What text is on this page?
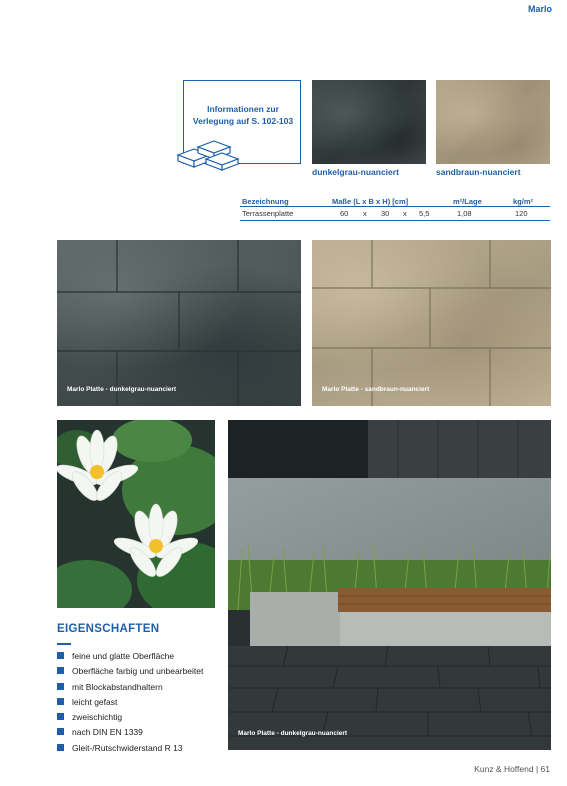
Marlo
Informationen zur
Verlegung auf S. 102-103
dunkelgrau-nuanciert	sandbraun-nuanciert
Bezeichnung	Maße (L x B x H) [cm]	m²/Lage	kg/m²
Terrassenplatte	60 x 30 x 5,5	1,08	120
Marlo Platte - dunkelgrau-nuanciert	Marlo Platte - sandbraun-nuanciert
Marlo Platte - dunkelgrau-nuanciert
EIGENSCHAFTEN
feine und glatte Oberfläche
Oberfläche farbig und unbearbeitet
mit Blockabstandhaltern
leicht gefast
zweischichtig
nach DIN EN 1339
Gleit-/Rutschwiderstand R 13
Kunz & Hoffend | 61
